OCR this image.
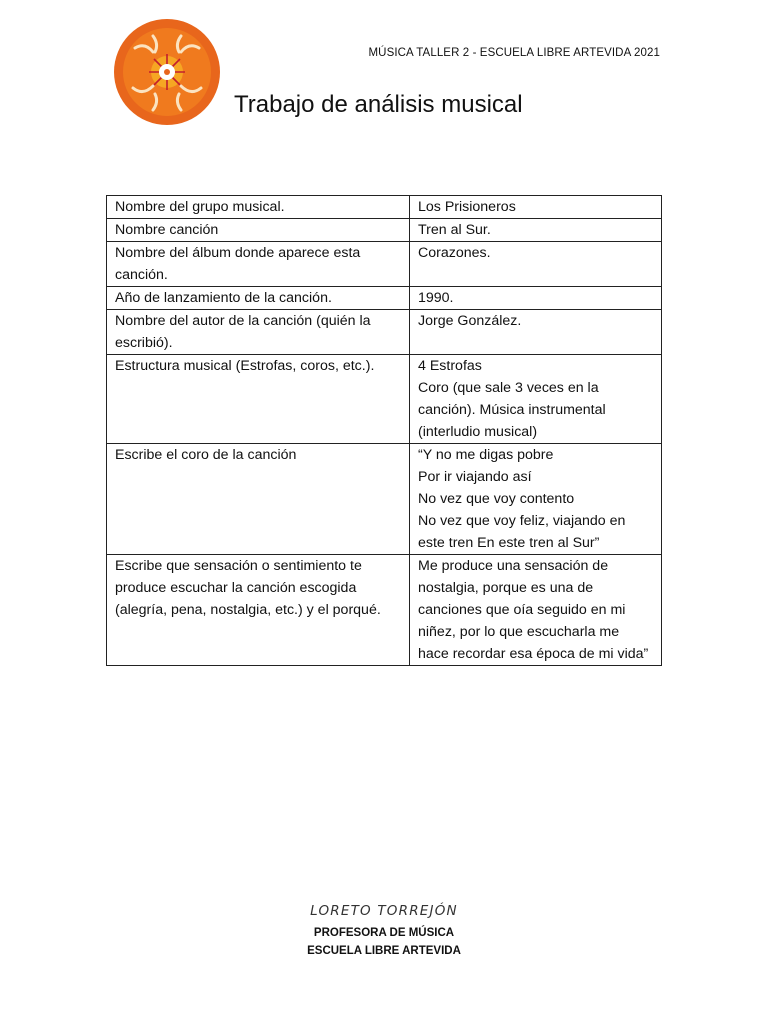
MÚSICA TALLER 2 - ESCUELA LIBRE ARTEVIDA 2021
Trabajo de análisis musical
Nombre del grupo musical.	Los Prisioneros
Nombre canción	Tren al Sur.
Nombre del álbum donde aparece esta canción.	Corazones.
Año de lanzamiento de la canción.	1990.
Nombre del autor de la canción (quién la escribió).	Jorge González.
Estructura musical (Estrofas, coros, etc.).	4 Estrofas
Coro (que sale 3 veces en la canción). Música instrumental (interludio musical)
Escribe el coro de la canción	“Y no me digas pobre
Por ir viajando así
No vez que voy contento
No vez que voy feliz, viajando en este tren En este tren al Sur”
Escribe que sensación o sentimiento te produce escuchar la canción escogida (alegría, pena, nostalgia, etc.) y el porqué.	Me produce una sensación de nostalgia, porque es una de canciones que oía seguido en mi niñez, por lo que escucharla me hace recordar esa época de mi vida”
LORETO TORREJÓN
PROFESORA DE MÚSICA
ESCUELA LIBRE ARTEVIDA
